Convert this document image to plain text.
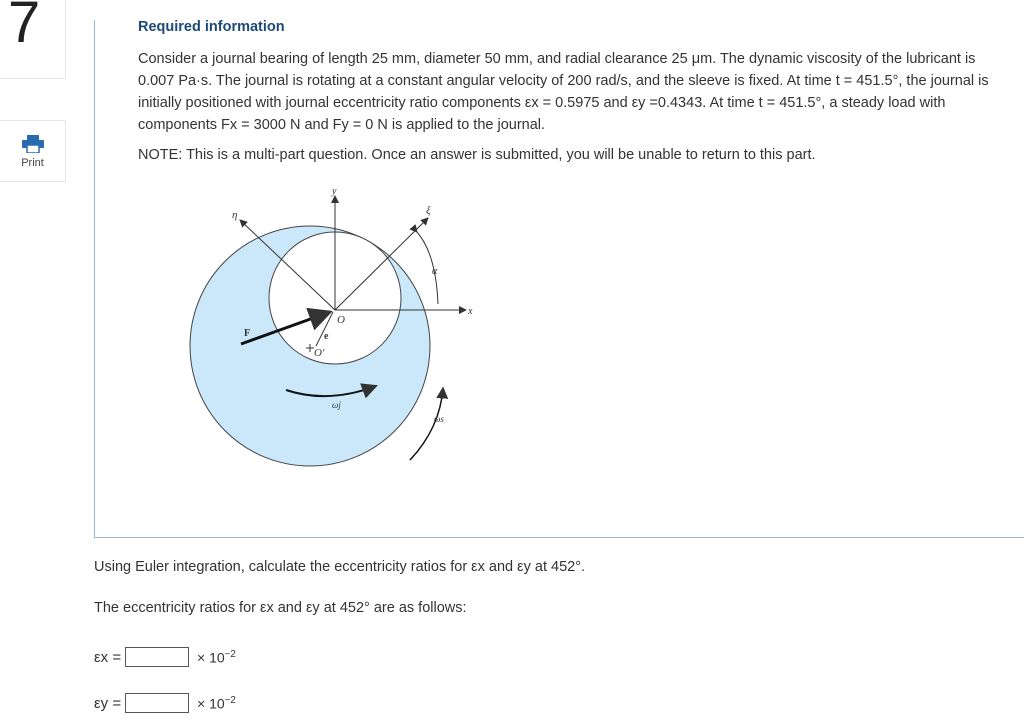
7
Print
Required information
Consider a journal bearing of length 25 mm, diameter 50 mm, and radial clearance 25 μm. The dynamic viscosity of the lubricant is 0.007 Pa·s. The journal is rotating at a constant angular velocity of 200 rad/s, and the sleeve is fixed. At time t = 451.5°, the journal is initially positioned with journal eccentricity ratio components εx = 0.5975 and εy =0.4343. At time t = 451.5°, a steady load with components Fx = 3000 N and Fy = 0 N is applied to the journal.
NOTE: This is a multi-part question. Once an answer is submitted, you will be unable to return to this part.
y
x
η	ξ
α
F
O
O′
e
ωj
ωs
Using Euler integration, calculate the eccentricity ratios for εx and εy at 452°.
The eccentricity ratios for εx and εy at 452° are as follows:
εx =	× $10^{-2}$
εy =	× $10^{-2}$
